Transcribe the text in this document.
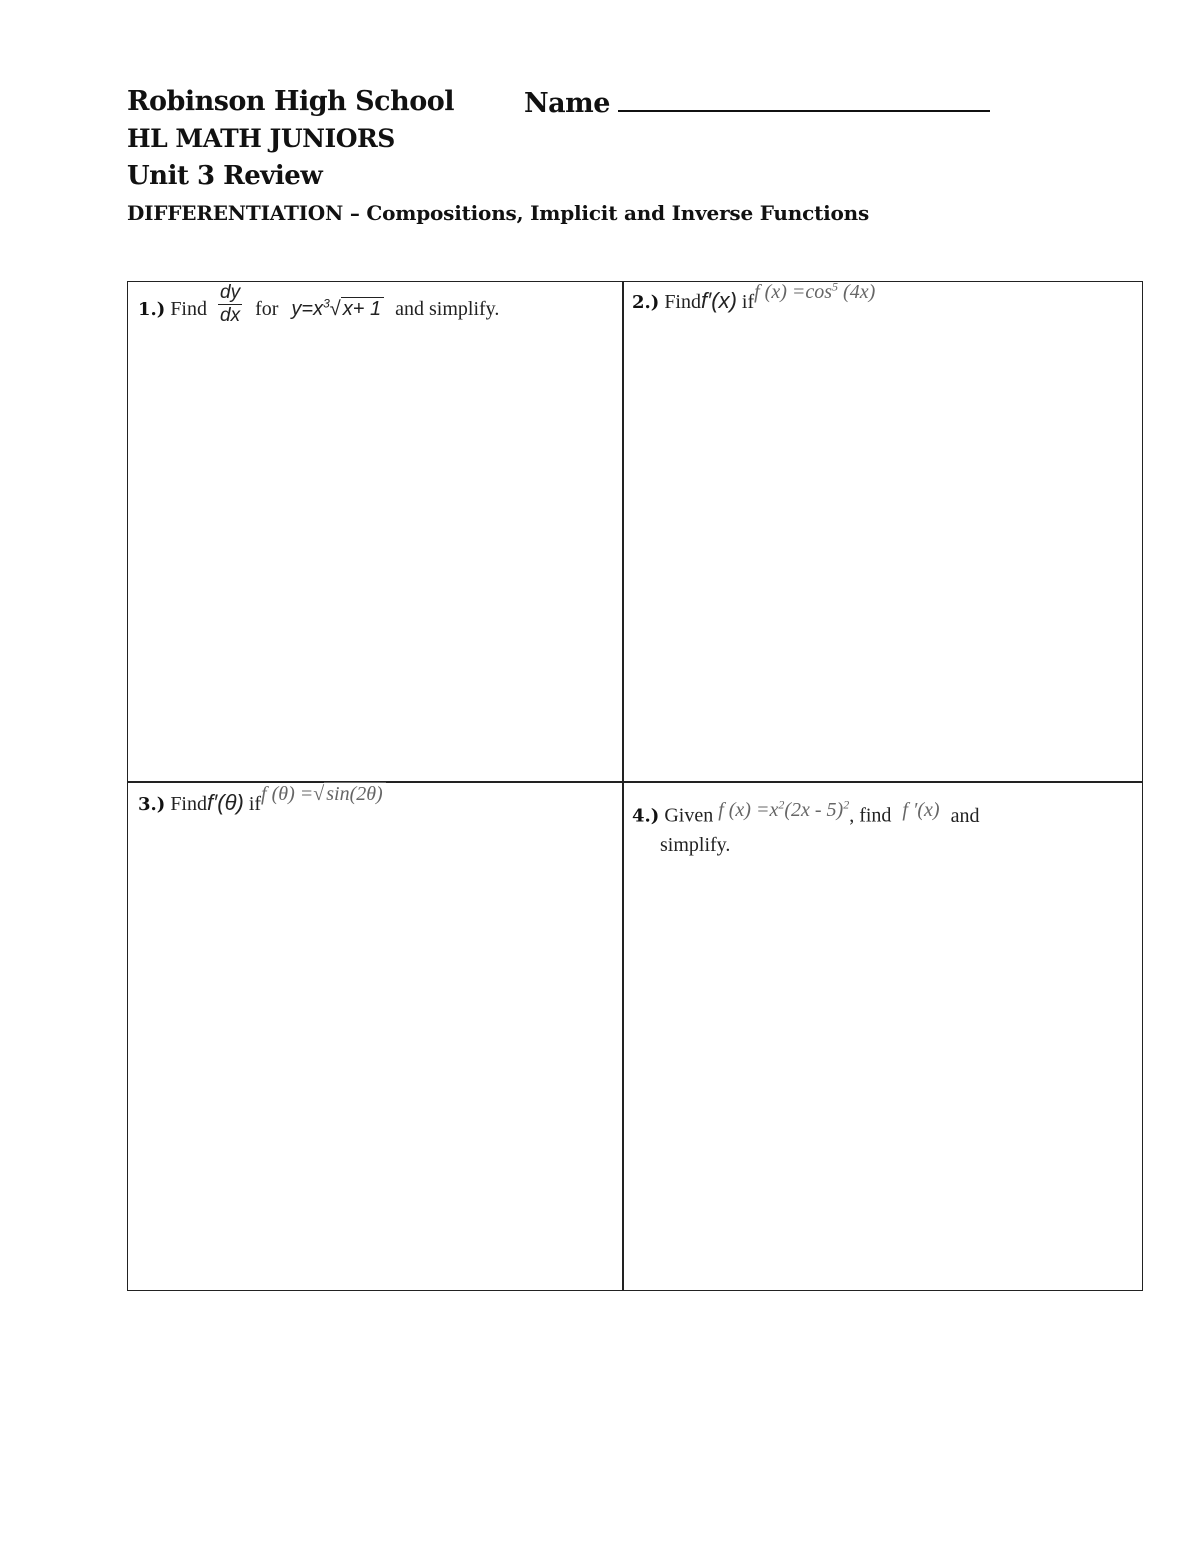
Robinson High School	Name
HL MATH JUNIORS
Unit 3 Review
DIFFERENTIATION – Compositions, Implicit and Inverse Functions
1.) Find $\frac{dy}{dx}$ for $y=x^3√$ x+ 1 and simplify.	2.) Findf′(x) iff $(x) =\cos^5$ (4x)
3.) Findf′(θ) iff (θ) =√ sin(2θ)
4.) Given f $(x) =x^2(2x - 5)^2$, find f ′(x) and
simplify.
